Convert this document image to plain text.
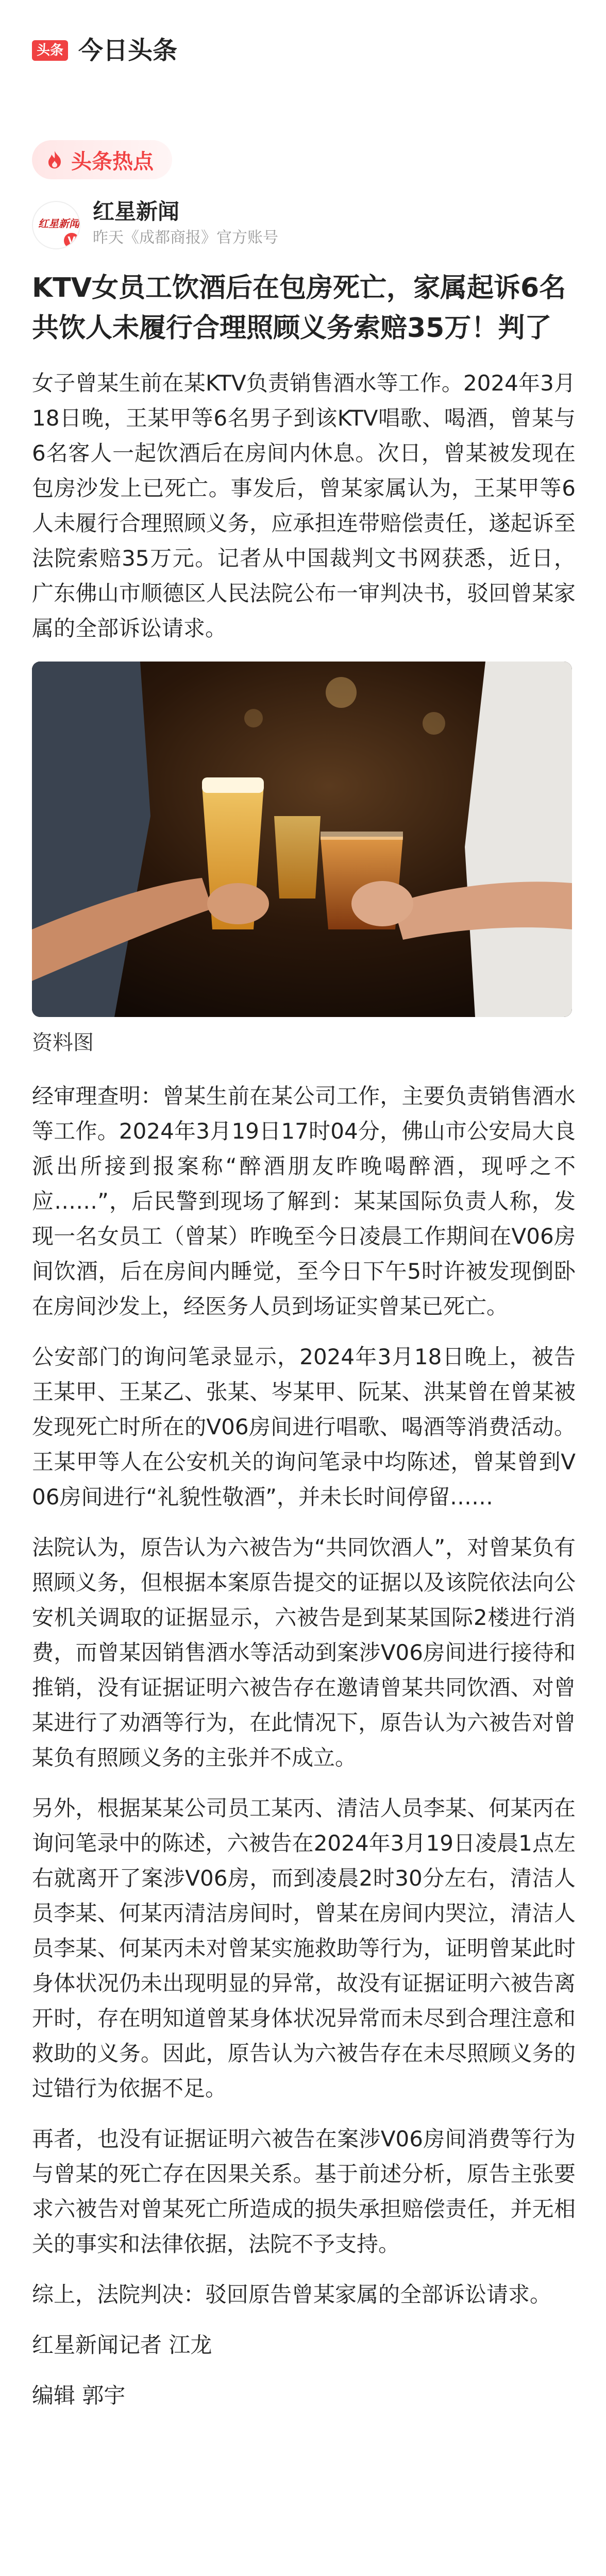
头条 今日头条
头条热点
红星新闻
V
红星新闻
昨天《成都商报》官方账号
KTV女员工饮酒后在包房死亡，家属起诉6名共饮人未履行合理照顾义务索赔35万！判了

女子曾某生前在某KTV负责销售酒水等工作。2024年3月18日晚，王某甲等6名男子到该KTV唱歌、喝酒，曾某与6名客人一起饮酒后在房间内休息。次日，曾某被发现在包房沙发上已死亡。事发后，曾某家属认为，王某甲等6人未履行合理照顾义务，应承担连带赔偿责任，遂起诉至法院索赔35万元。记者从中国裁判文书网获悉，近日，广东佛山市顺德区人民法院公布一审判决书，驳回曾某家属的全部诉讼请求。

资料图

经审理查明：曾某生前在某公司工作，主要负责销售酒水等工作。2024年3月19日17时04分，佛山市公安局大良派出所接到报案称“醉酒朋友昨晚喝醉酒，现呼之不应……”，后民警到现场了解到：某某国际负责人称，发现一名女员工（曾某）昨晚至今日凌晨工作期间在V06房间饮酒，后在房间内睡觉，至今日下午5时许被发现倒卧在房间沙发上，经医务人员到场证实曾某已死亡。

公安部门的询问笔录显示，2024年3月18日晚上，被告王某甲、王某乙、张某、岑某甲、阮某、洪某曾在曾某被发现死亡时所在的V06房间进行唱歌、喝酒等消费活动。王某甲等人在公安机关的询问笔录中均陈述，曾某曾到V06房间进行“礼貌性敬酒”，并未长时间停留……

法院认为，原告认为六被告为“共同饮酒人”，对曾某负有照顾义务，但根据本案原告提交的证据以及该院依法向公安机关调取的证据显示，六被告是到某某国际2楼进行消费，而曾某因销售酒水等活动到案涉V06房间进行接待和推销，没有证据证明六被告存在邀请曾某共同饮酒、对曾某进行了劝酒等行为，在此情况下，原告认为六被告对曾某负有照顾义务的主张并不成立。

另外，根据某某公司员工某丙、清洁人员李某、何某丙在询问笔录中的陈述，六被告在2024年3月19日凌晨1点左右就离开了案涉V06房，而到凌晨2时30分左右，清洁人员李某、何某丙清洁房间时，曾某在房间内哭泣，清洁人员李某、何某丙未对曾某实施救助等行为，证明曾某此时身体状况仍未出现明显的异常，故没有证据证明六被告离开时，存在明知道曾某身体状况异常而未尽到合理注意和救助的义务。因此，原告认为六被告存在未尽照顾义务的过错行为依据不足。

再者，也没有证据证明六被告在案涉V06房间消费等行为与曾某的死亡存在因果关系。基于前述分析，原告主张要求六被告对曾某死亡所造成的损失承担赔偿责任，并无相关的事实和法律依据，法院不予支持。

综上，法院判决：驳回原告曾某家属的全部诉讼请求。

红星新闻记者 江龙

编辑 郭宇
